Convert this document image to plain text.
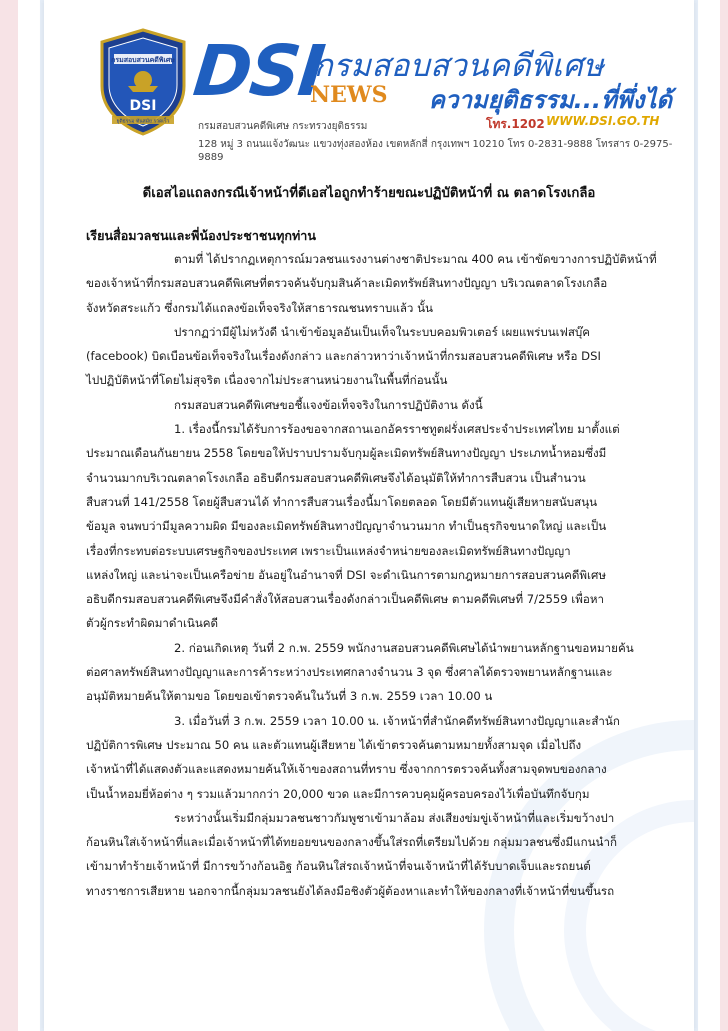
กรมสอบสวนคดีพิเศษ
DSI
ยุติธรรม ทันสมัย รวดเร็ว
DSI
NEWS
กรมสอบสวนคดีพิเศษ
ความยุติธรรม...ที่พึ่งได้
กรมสอบสวนคดีพิเศษ กระทรวงยุติธรรม	โทร.1202 WWW.DSI.GO.TH
128 หมู่ 3 ถนนแจ้งวัฒนะ แขวงทุ่งสองห้อง เขตหลักสี่ กรุงเทพฯ 10210 โทร 0-2831-9888 โทรสาร 0-2975-9889
ดีเอสไอแถลงกรณีเจ้าหน้าที่ดีเอสไอถูกทำร้ายขณะปฏิบัติหน้าที่ ณ ตลาดโรงเกลือ
เรียนสื่อมวลชนและพี่น้องประชาชนทุกท่าน
ตามที่ ได้ปรากฏเหตุการณ์มวลชนแรงงานต่างชาติประมาณ 400 คน เข้าขัดขวางการปฏิบัติหน้าที่
ของเจ้าหน้าที่กรมสอบสวนคดีพิเศษที่ตรวจค้นจับกุมสินค้าละเมิดทรัพย์สินทางปัญญา บริเวณตลาดโรงเกลือ
จังหวัดสระแก้ว ซึ่งกรมได้แถลงข้อเท็จจริงให้สาธารณชนทราบแล้ว นั้น
ปรากฏว่ามีผู้ไม่หวังดี นำเข้าข้อมูลอันเป็นเท็จในระบบคอมพิวเตอร์ เผยแพร่บนเฟสบุ๊ค
(facebook) บิดเบือนข้อเท็จจริงในเรื่องดังกล่าว และกล่าวหาว่าเจ้าหน้าที่กรมสอบสวนคดีพิเศษ หรือ DSI
ไปปฏิบัติหน้าที่โดยไม่สุจริต เนื่องจากไม่ประสานหน่วยงานในพื้นที่ก่อนนั้น
กรมสอบสวนคดีพิเศษขอชี้แจงข้อเท็จจริงในการปฏิบัติงาน ดังนี้
1. เรื่องนี้กรมได้รับการร้องขอจากสถานเอกอัครราชทูตฝรั่งเศสประจำประเทศไทย มาตั้งแต่
ประมาณเดือนกันยายน 2558 โดยขอให้ปราบปรามจับกุมผู้ละเมิดทรัพย์สินทางปัญญา ประเภทน้ำหอมซึ่งมี
จำนวนมากบริเวณตลาดโรงเกลือ อธิบดีกรมสอบสวนคดีพิเศษจึงได้อนุมัติให้ทำการสืบสวน เป็นสำนวน
สืบสวนที่ 141/2558 โดยผู้สืบสวนได้ ทำการสืบสวนเรื่องนี้มาโดยตลอด โดยมีตัวแทนผู้เสียหายสนับสนุน
ข้อมูล จนพบว่ามีมูลความผิด มีของละเมิดทรัพย์สินทางปัญญาจำนวนมาก ทำเป็นธุรกิจขนาดใหญ่ และเป็น
เรื่องที่กระทบต่อระบบเศรษฐกิจของประเทศ เพราะเป็นแหล่งจำหน่ายของละเมิดทรัพย์สินทางปัญญา
แหล่งใหญ่ และน่าจะเป็นเครือข่าย อันอยู่ในอำนาจที่ DSI จะดำเนินการตามกฎหมายการสอบสวนคดีพิเศษ
อธิบดีกรมสอบสวนคดีพิเศษจึงมีคำสั่งให้สอบสวนเรื่องดังกล่าวเป็นคดีพิเศษ ตามคดีพิเศษที่ 7/2559 เพื่อหา
ตัวผู้กระทำผิดมาดำเนินคดี
2. ก่อนเกิดเหตุ วันที่ 2 ก.พ. 2559 พนักงานสอบสวนคดีพิเศษได้นำพยานหลักฐานขอหมายค้น
ต่อศาลทรัพย์สินทางปัญญาและการค้าระหว่างประเทศกลางจำนวน 3 จุด ซึ่งศาลได้ตรวจพยานหลักฐานและ
อนุมัติหมายค้นให้ตามขอ โดยขอเข้าตรวจค้นในวันที่ 3 ก.พ. 2559 เวลา 10.00 น
3. เมื่อวันที่ 3 ก.พ. 2559 เวลา 10.00 น. เจ้าหน้าที่สำนักคดีทรัพย์สินทางปัญญาและสำนัก
ปฏิบัติการพิเศษ ประมาณ 50 คน และตัวแทนผู้เสียหาย ได้เข้าตรวจค้นตามหมายทั้งสามจุด เมื่อไปถึง
เจ้าหน้าที่ได้แสดงตัวและแสดงหมายค้นให้เจ้าของสถานที่ทราบ ซึ่งจากการตรวจค้นทั้งสามจุดพบของกลาง
เป็นน้ำหอมยี่ห้อต่าง ๆ รวมแล้วมากกว่า 20,000 ขวด และมีการควบคุมผู้ครอบครองไว้เพื่อบันทึกจับกุม
ระหว่างนั้นเริ่มมีกลุ่มมวลชนชาวกัมพูชาเข้ามาล้อม ส่งเสียงข่มขู่เจ้าหน้าที่และเริ่มขว้างปา
ก้อนหินใส่เจ้าหน้าที่และเมื่อเจ้าหน้าที่ได้ทยอยขนของกลางขึ้นใส่รถที่เตรียมไปด้วย กลุ่มมวลชนซึ่งมีแกนนำก็
เข้ามาทำร้ายเจ้าหน้าที่ มีการขว้างก้อนอิฐ ก้อนหินใส่รถเจ้าหน้าที่จนเจ้าหน้าที่ได้รับบาดเจ็บและรถยนต์
ทางราชการเสียหาย นอกจากนี้กลุ่มมวลชนยังได้ลงมือชิงตัวผู้ต้องหาและทำให้ของกลางที่เจ้าหน้าที่ขนขึ้นรถ
